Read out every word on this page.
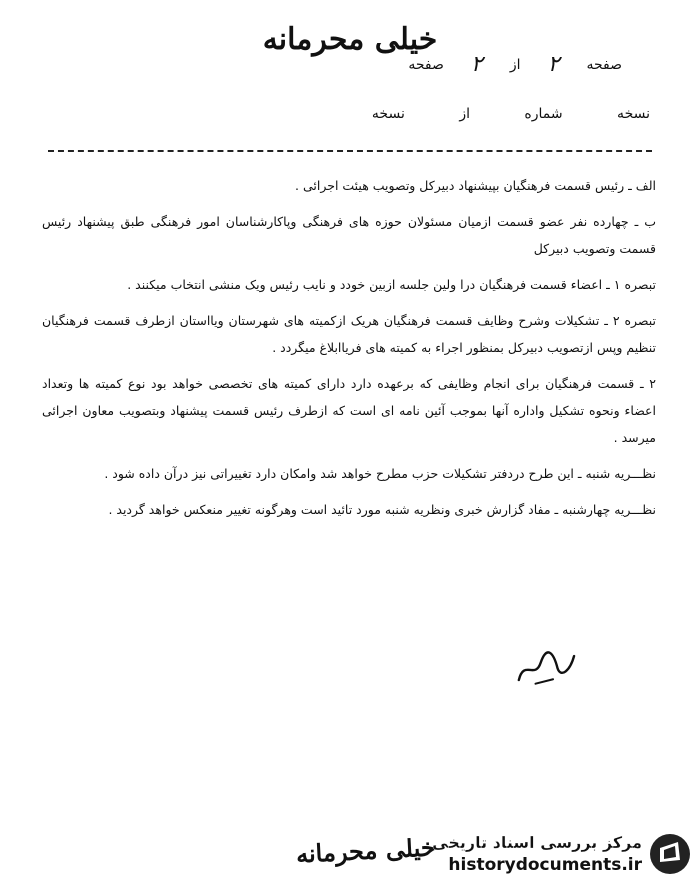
خیلی محرمانه
صفحه
۲
از
۲
صفحه
نسخه شماره از نسخه

الف ـ رئیس قسمت فرهنگیان بپیشنهاد دبیرکل وتصویب هیئت اجرائی .

ب ـ چهارده نفر عضو قسمت ازمیان مسئولان حوزه های فرهنگی وپاکارشناسان امور فرهنگی طبق پیشنهاد رئیس قسمت وتصویب دبیرکل

تبصره ۱ ـ اعضاء قسمت فرهنگیان درا ولین جلسه ازبین خودد و نایب رئیس ویک منشی انتخاب میکنند .

تبصره ۲ ـ تشکیلات وشرح وظایف قسمت فرهنگیان هریک ازکمیته های شهرستان ویااستان ازطرف قسمت فرهنگیان تنظیم وپس ازتصویب دبیرکل بمنظور اجراء به کمیته های فریاابلاغ میگردد .

۲ ـ قسمت فرهنگیان برای انجام وظایفی که برعهده دارد دارای کمیته های تخصصی خواهد بود نوع کمیته ها وتعداد اعضاء ونحوه تشکیل واداره آنها بموجب آئین نامه ای است که ازطرف رئیس قسمت پیشنهاد وبتصویب معاون اجرائی میرسد .

نظـــریه شنبه ـ این طرح دردفتر تشکیلات حزب مطرح خواهد شد وامکان دارد تغییراتی نیز درآن داده شود .

نظـــریه چهارشنبه ـ مفاد گزارش خبری ونظریه شنبه مورد تائید است وهرگونه تغییر منعکس خواهد گردید .

خیلی محرمانه
مرکز بررسی اسناد تاریخی
historydocuments.ir
